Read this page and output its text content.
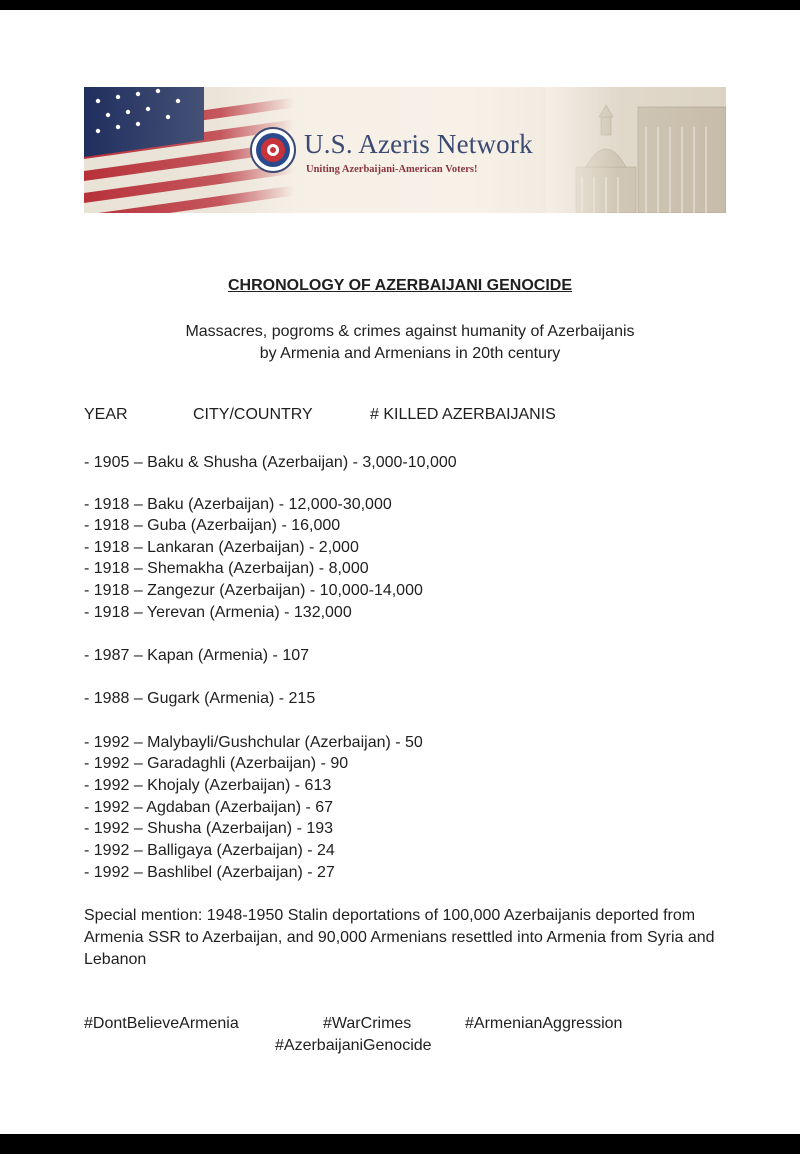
U.S. Azeris Network
Uniting Azerbaijani-American Voters!
CHRONOLOGY OF AZERBAIJANI GENOCIDE
Massacres, pogroms & crimes against humanity of Azerbaijanis
by Armenia and Armenians in 20th century
YEAR	CITY/COUNTRY	# KILLED AZERBAIJANIS
- 1905 – Baku & Shusha (Azerbaijan) - 3,000-10,000
- 1918 – Baku (Azerbaijan) - 12,000-30,000
- 1918 – Guba (Azerbaijan) - 16,000
- 1918 – Lankaran (Azerbaijan) - 2,000
- 1918 – Shemakha (Azerbaijan) - 8,000
- 1918 – Zangezur (Azerbaijan) - 10,000-14,000
- 1918 – Yerevan (Armenia) - 132,000
- 1987 – Kapan (Armenia) - 107
- 1988 – Gugark (Armenia) - 215
- 1992 – Malybayli/Gushchular (Azerbaijan) - 50
- 1992 – Garadaghli (Azerbaijan) - 90
- 1992 – Khojaly (Azerbaijan) - 613
- 1992 – Agdaban (Azerbaijan) - 67
- 1992 – Shusha (Azerbaijan) - 193
- 1992 – Balligaya (Azerbaijan) - 24
- 1992 – Bashlibel (Azerbaijan) - 27
Special mention: 1948-1950 Stalin deportations of 100,000 Azerbaijanis deported from Armenia SSR to Azerbaijan, and 90,000 Armenians resettled into Armenia from Syria and Lebanon
#DontBelieveArmenia	#WarCrimes	#ArmenianAggression
#AzerbaijaniGenocide
